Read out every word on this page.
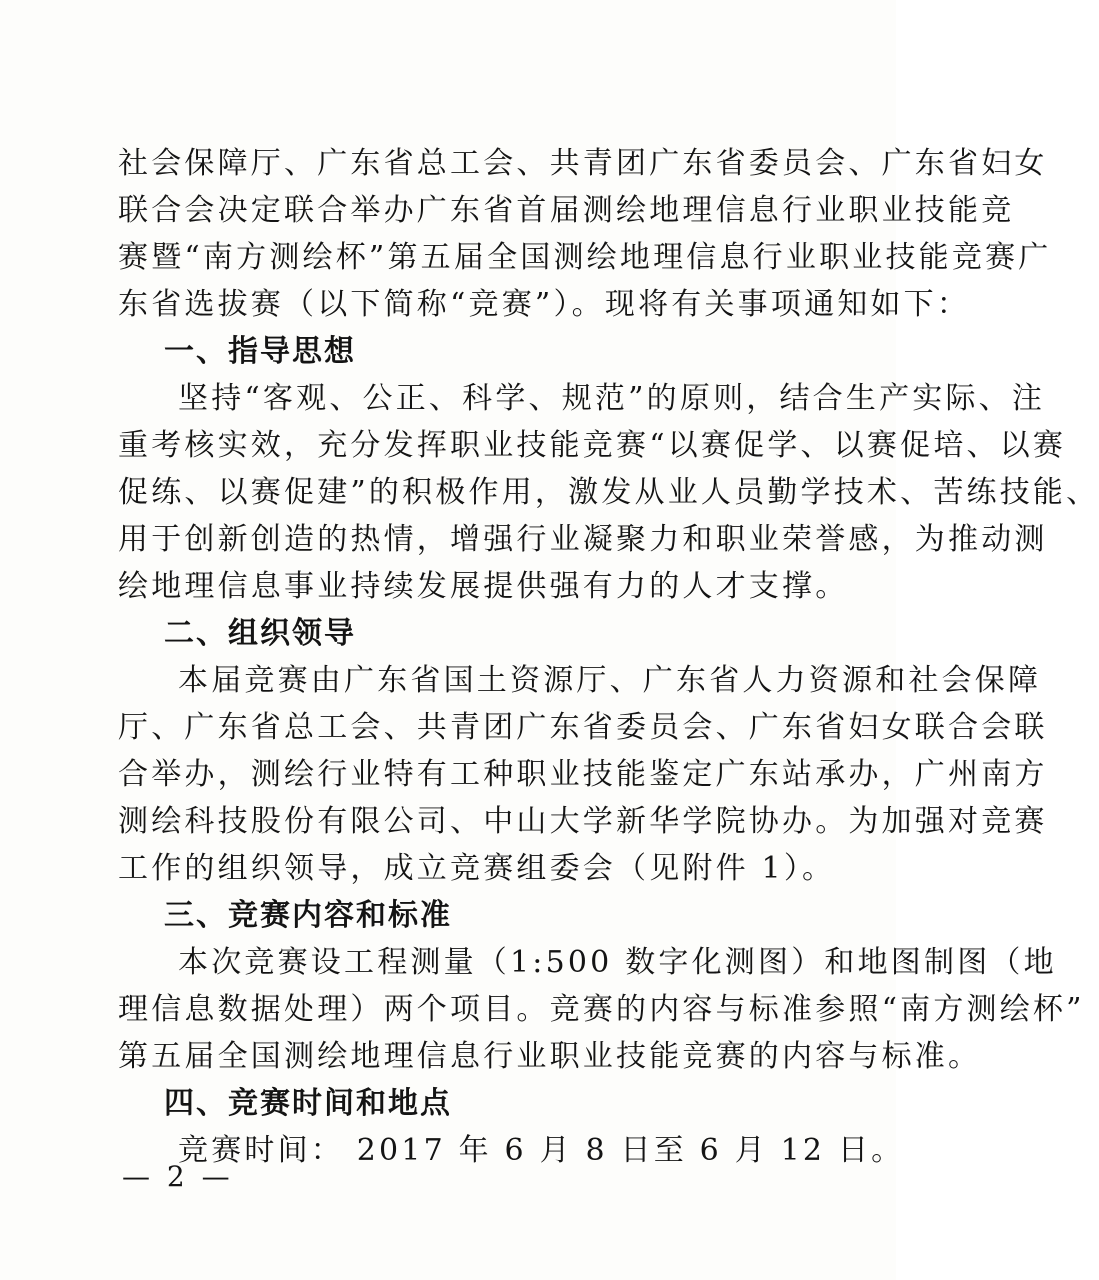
社会保障厅、广东省总工会、共青团广东省委员会、广东省妇女
联合会决定联合举办广东省首届测绘地理信息行业职业技能竞
赛暨“南方测绘杯”第五届全国测绘地理信息行业职业技能竞赛广
东省选拔赛（以下简称“竞赛”）。现将有关事项通知如下：
一、指导思想
坚持“客观、公正、科学、规范”的原则，结合生产实际、注
重考核实效，充分发挥职业技能竞赛“以赛促学、以赛促培、以赛
促练、以赛促建”的积极作用，激发从业人员勤学技术、苦练技能、
用于创新创造的热情，增强行业凝聚力和职业荣誉感，为推动测
绘地理信息事业持续发展提供强有力的人才支撑。
二、组织领导
本届竞赛由广东省国土资源厅、广东省人力资源和社会保障
厅、广东省总工会、共青团广东省委员会、广东省妇女联合会联
合举办，测绘行业特有工种职业技能鉴定广东站承办，广州南方
测绘科技股份有限公司、中山大学新华学院协办。为加强对竞赛
工作的组织领导，成立竞赛组委会（见附件 1）。
三、竞赛内容和标准
本次竞赛设工程测量（1:500 数字化测图）和地图制图（地
理信息数据处理）两个项目。竞赛的内容与标准参照“南方测绘杯”
第五届全国测绘地理信息行业职业技能竞赛的内容与标准。
四、竞赛时间和地点
竞赛时间： 2017 年 6 月 8 日至 6 月 12 日。
— 2 —
